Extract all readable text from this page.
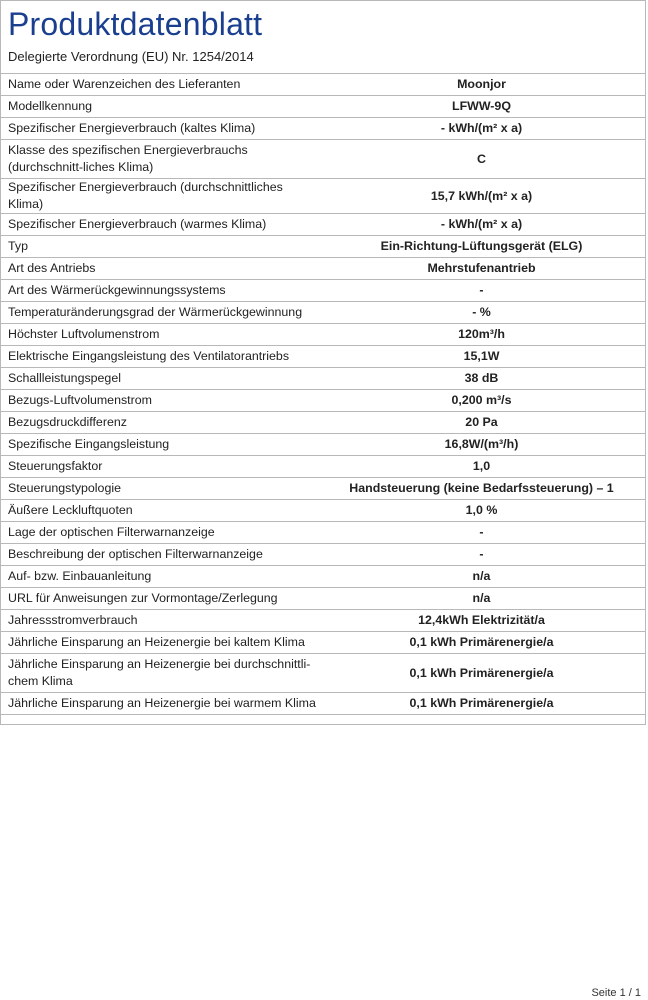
Produktdatenblatt
Delegierte Verordnung (EU) Nr. 1254/2014
Name oder Warenzeichen des Lieferanten	Moonjor
Modellkennung	LFWW-9Q
Spezifischer Energieverbrauch (kaltes Klima)	- kWh/(m² x a)
Klasse des spezifischen Energieverbrauchs (durchschnitt-liches Klima)	C
Spezifischer Energieverbrauch (durchschnittliches Klima)	15,7 kWh/(m² x a)
Spezifischer Energieverbrauch (warmes Klima)	- kWh/(m² x a)
Typ	Ein-Richtung-Lüftungsgerät (ELG)
Art des Antriebs	Mehrstufenantrieb
Art des Wärmerückgewinnungssystems	-
Temperaturänderungsgrad der Wärmerückgewinnung	- %
Höchster Luftvolumenstrom	120m³/h
Elektrische Eingangsleistung des Ventilatorantriebs	15,1W
Schallleistungspegel	38 dB
Bezugs-Luftvolumenstrom	0,200 m³/s
Bezugsdruckdifferenz	20 Pa
Spezifische Eingangsleistung	16,8W/(m³/h)
Steuerungsfaktor	1,0
Steuerungstypologie	Handsteuerung (keine Bedarfssteuerung) – 1
Äußere Leckluftquoten	1,0 %
Lage der optischen Filterwarnanzeige	-
Beschreibung der optischen Filterwarnanzeige	-
Auf- bzw. Einbauanleitung	n/a
URL für Anweisungen zur Vormontage/Zerlegung	n/a
Jahressstromverbrauch	12,4kWh Elektrizität/a
Jährliche Einsparung an Heizenergie bei kaltem Klima	0,1 kWh Primärenergie/a
Jährliche Einsparung an Heizenergie bei durchschnittli-chem Klima	0,1 kWh Primärenergie/a
Jährliche Einsparung an Heizenergie bei warmem Klima	0,1 kWh Primärenergie/a
Seite 1 / 1
